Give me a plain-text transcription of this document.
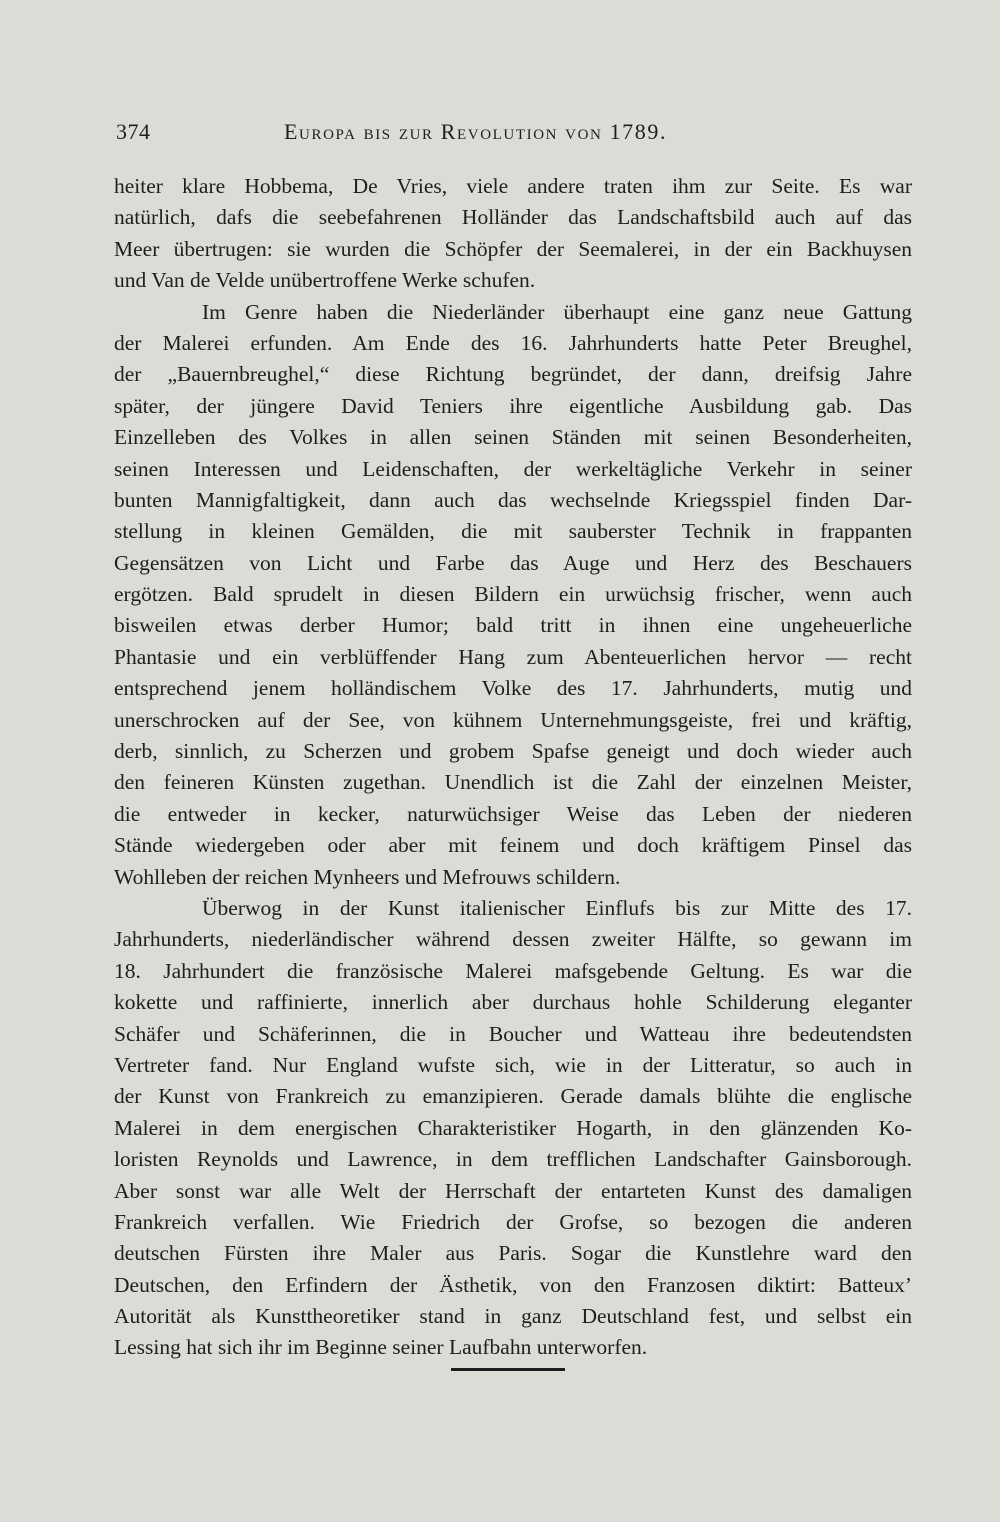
374	Europa bis zur Revolution von 1789.
heiter klare Hobbema, De Vries, viele andere traten ihm zur Seite. Es war
natürlich, dafs die seebefahrenen Holländer das Landschaftsbild auch auf das
Meer übertrugen: sie wurden die Schöpfer der Seemalerei, in der ein Backhuysen
und Van de Velde unübertroffene Werke schufen.
Im Genre haben die Niederländer überhaupt eine ganz neue Gattung
der Malerei erfunden. Am Ende des 16. Jahrhunderts hatte Peter Breughel,
der „Bauernbreughel,“ diese Richtung begründet, der dann, dreifsig Jahre
später, der jüngere David Teniers ihre eigentliche Ausbildung gab. Das
Einzelleben des Volkes in allen seinen Ständen mit seinen Besonderheiten,
seinen Interessen und Leidenschaften, der werkeltägliche Verkehr in seiner
bunten Mannigfaltigkeit, dann auch das wechselnde Kriegsspiel finden Dar-
stellung in kleinen Gemälden, die mit sauberster Technik in frappanten
Gegensätzen von Licht und Farbe das Auge und Herz des Beschauers
ergötzen. Bald sprudelt in diesen Bildern ein urwüchsig frischer, wenn auch
bisweilen etwas derber Humor; bald tritt in ihnen eine ungeheuerliche
Phantasie und ein verblüffender Hang zum Abenteuerlichen hervor — recht
entsprechend jenem holländischem Volke des 17. Jahrhunderts, mutig und
unerschrocken auf der See, von kühnem Unternehmungsgeiste, frei und kräftig,
derb, sinnlich, zu Scherzen und grobem Spafse geneigt und doch wieder auch
den feineren Künsten zugethan. Unendlich ist die Zahl der einzelnen Meister,
die entweder in kecker, naturwüchsiger Weise das Leben der niederen
Stände wiedergeben oder aber mit feinem und doch kräftigem Pinsel das
Wohlleben der reichen Mynheers und Mefrouws schildern.
Überwog in der Kunst italienischer Einflufs bis zur Mitte des 17.
Jahrhunderts, niederländischer während dessen zweiter Hälfte, so gewann im
18. Jahrhundert die französische Malerei mafsgebende Geltung. Es war die
kokette und raffinierte, innerlich aber durchaus hohle Schilderung eleganter
Schäfer und Schäferinnen, die in Boucher und Watteau ihre bedeutendsten
Vertreter fand. Nur England wufste sich, wie in der Litteratur, so auch in
der Kunst von Frankreich zu emanzipieren. Gerade damals blühte die englische
Malerei in dem energischen Charakteristiker Hogarth, in den glänzenden Ko-
loristen Reynolds und Lawrence, in dem trefflichen Landschafter Gainsborough.
Aber sonst war alle Welt der Herrschaft der entarteten Kunst des damaligen
Frankreich verfallen. Wie Friedrich der Grofse, so bezogen die anderen
deutschen Fürsten ihre Maler aus Paris. Sogar die Kunstlehre ward den
Deutschen, den Erfindern der Ästhetik, von den Franzosen diktirt: Batteux’
Autorität als Kunsttheoretiker stand in ganz Deutschland fest, und selbst ein
Lessing hat sich ihr im Beginne seiner Laufbahn unterworfen.
